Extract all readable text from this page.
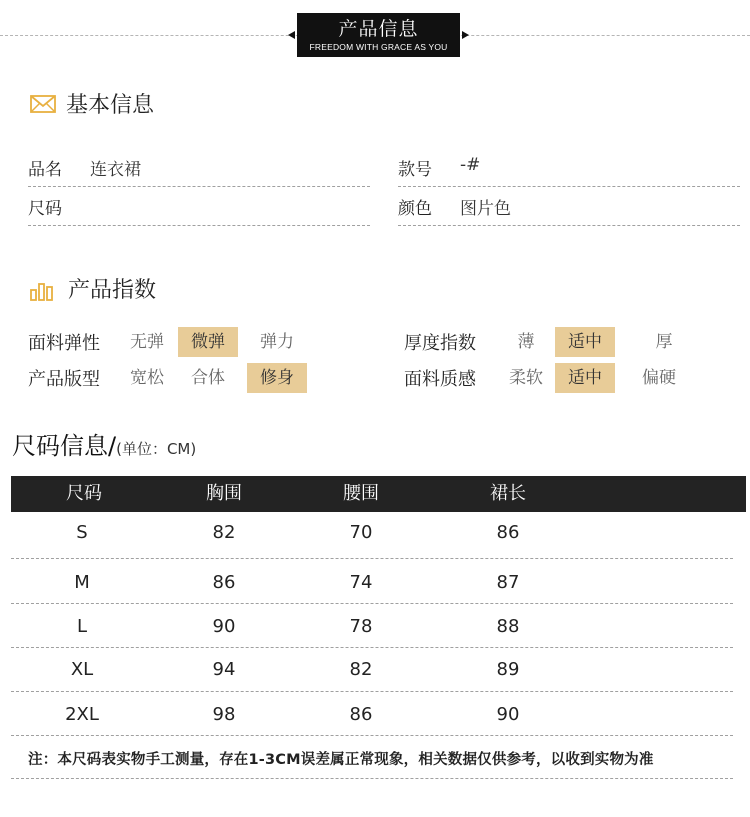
产品信息
FREEDOM WITH GRACE AS YOU
基本信息
品名	连衣裙
尺码
款号	-#
颜色	图片色
产品指数
面料弹性	无弹	微弹	弹力
产品版型	宽松	合体	修身
厚度指数	薄	适中	厚
面料质感	柔软	适中	偏硬
尺码信息/(单位：CM)
尺码	胸围	腰围	裙长
S	82	70	86
M	86	74	87
L	90	78	88
XL	94	82	89
2XL	98	86	90
注：本尺码表实物手工测量，存在1-3CM误差属正常现象，相关数据仅供参考，以收到实物为准
